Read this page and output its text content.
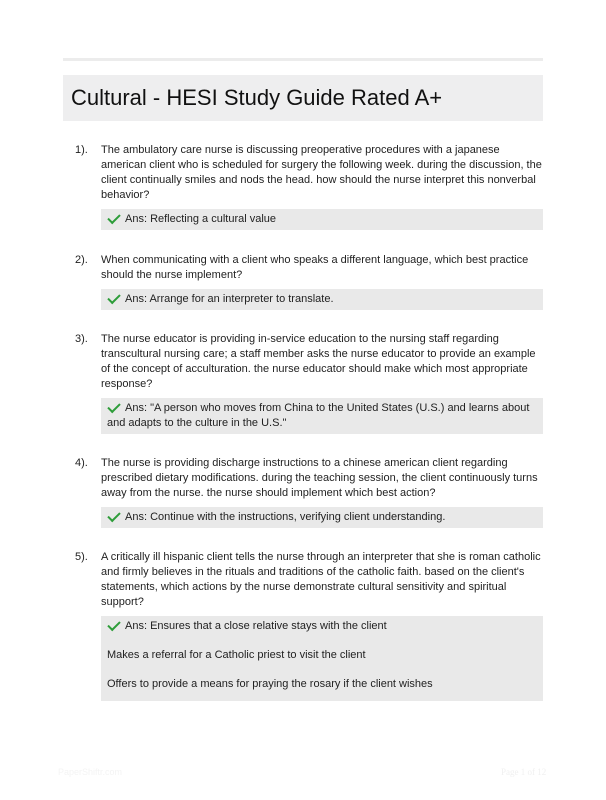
Cultural - HESI Study Guide Rated A+
1). The ambulatory care nurse is discussing preoperative procedures with a japanese american client who is scheduled for surgery the following week. during the discussion, the client continually smiles and nods the head. how should the nurse interpret this nonverbal behavior?
Ans: Reflecting a cultural value
2). When communicating with a client who speaks a different language, which best practice should the nurse implement?
Ans: Arrange for an interpreter to translate.
3). The nurse educator is providing in-service education to the nursing staff regarding transcultural nursing care; a staff member asks the nurse educator to provide an example of the concept of acculturation. the nurse educator should make which most appropriate response?
Ans: "A person who moves from China to the United States (U.S.) and learns about and adapts to the culture in the U.S."
4). The nurse is providing discharge instructions to a chinese american client regarding prescribed dietary modifications. during the teaching session, the client continuously turns away from the nurse. the nurse should implement which best action?
Ans: Continue with the instructions, verifying client understanding.
5). A critically ill hispanic client tells the nurse through an interpreter that she is roman catholic and firmly believes in the rituals and traditions of the catholic faith. based on the client's statements, which actions by the nurse demonstrate cultural sensitivity and spiritual support?
Ans: Ensures that a close relative stays with the client
Makes a referral for a Catholic priest to visit the client
Offers to provide a means for praying the rosary if the client wishes
PaperShiftr.com	Page 1 of 12
